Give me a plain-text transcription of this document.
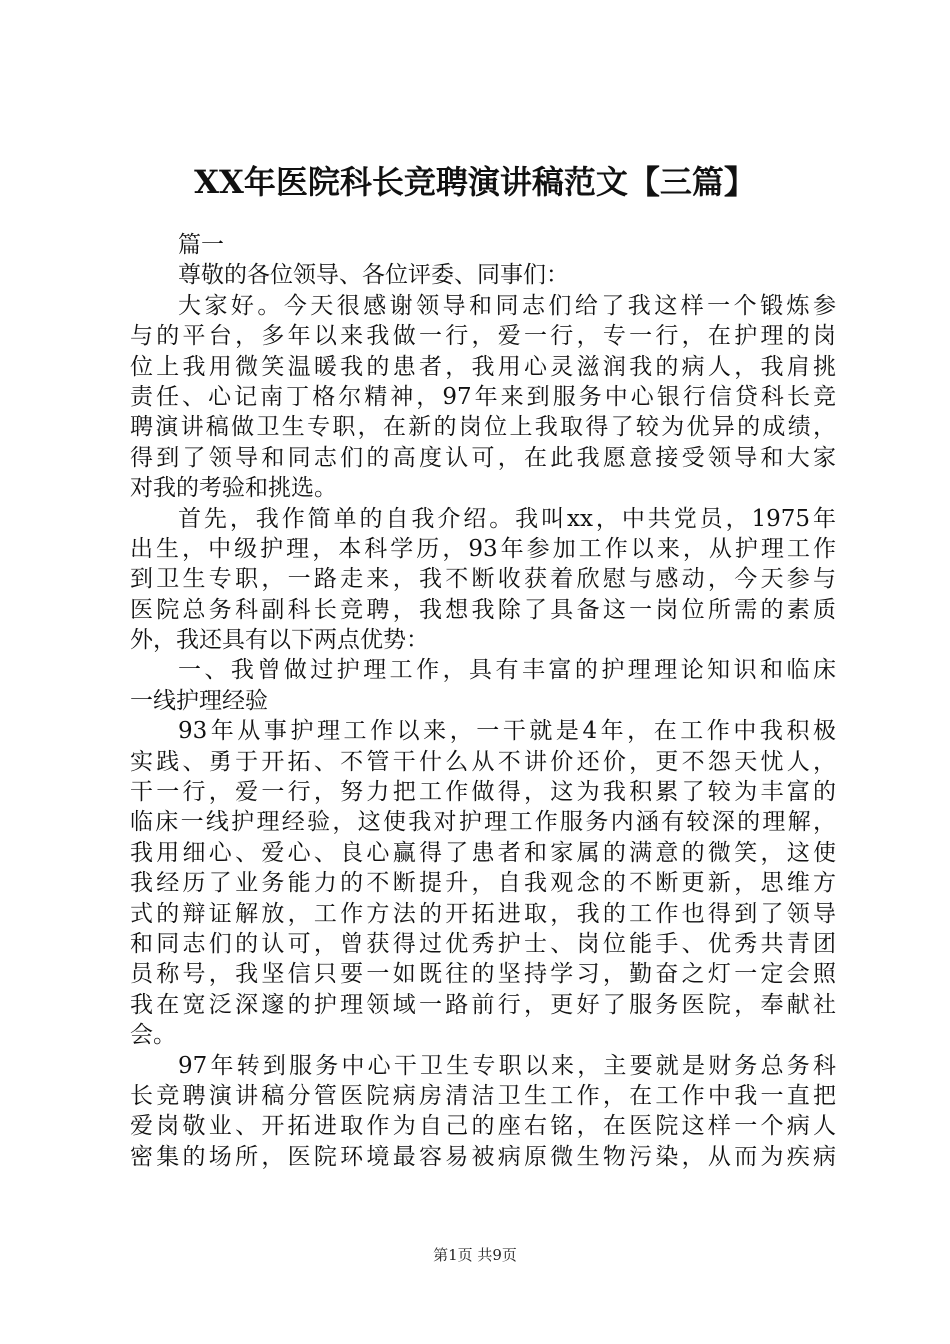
XX年医院科长竞聘演讲稿范文【三篇】
篇一
尊敬的各位领导、各位评委、同事们：
大家好。今天很感谢领导和同志们给了我这样一个锻炼参
与的平台，多年以来我做一行，爱一行，专一行，在护理的岗
位上我用微笑温暖我的患者，我用心灵滋润我的病人，我肩挑
责任、心记南丁格尔精神，97年来到服务中心银行信贷科长竞
聘演讲稿做卫生专职，在新的岗位上我取得了较为优异的成绩，
得到了领导和同志们的高度认可，在此我愿意接受领导和大家
对我的考验和挑选。
首先，我作简单的自我介绍。我叫xx，中共党员，1975年
出生，中级护理，本科学历，93年参加工作以来，从护理工作
到卫生专职，一路走来，我不断收获着欣慰与感动，今天参与
医院总务科副科长竞聘，我想我除了具备这一岗位所需的素质
外，我还具有以下两点优势：
一、我曾做过护理工作，具有丰富的护理理论知识和临床
一线护理经验
93年从事护理工作以来，一干就是4年，在工作中我积极
实践、勇于开拓、不管干什么从不讲价还价，更不怨天忧人，
干一行，爱一行，努力把工作做得，这为我积累了较为丰富的
临床一线护理经验，这使我对护理工作服务内涵有较深的理解，
我用细心、爱心、良心赢得了患者和家属的满意的微笑，这使
我经历了业务能力的不断提升，自我观念的不断更新，思维方
式的辩证解放，工作方法的开拓进取，我的工作也得到了领导
和同志们的认可，曾获得过优秀护士、岗位能手、优秀共青团
员称号，我坚信只要一如既往的坚持学习，勤奋之灯一定会照
我在宽泛深邃的护理领域一路前行，更好了服务医院，奉献社
会。
97年转到服务中心干卫生专职以来，主要就是财务总务科
长竞聘演讲稿分管医院病房清洁卫生工作，在工作中我一直把
爱岗敬业、开拓进取作为自己的座右铭，在医院这样一个病人
密集的场所，医院环境最容易被病原微生物污染，从而为疾病
第1页 共9页
